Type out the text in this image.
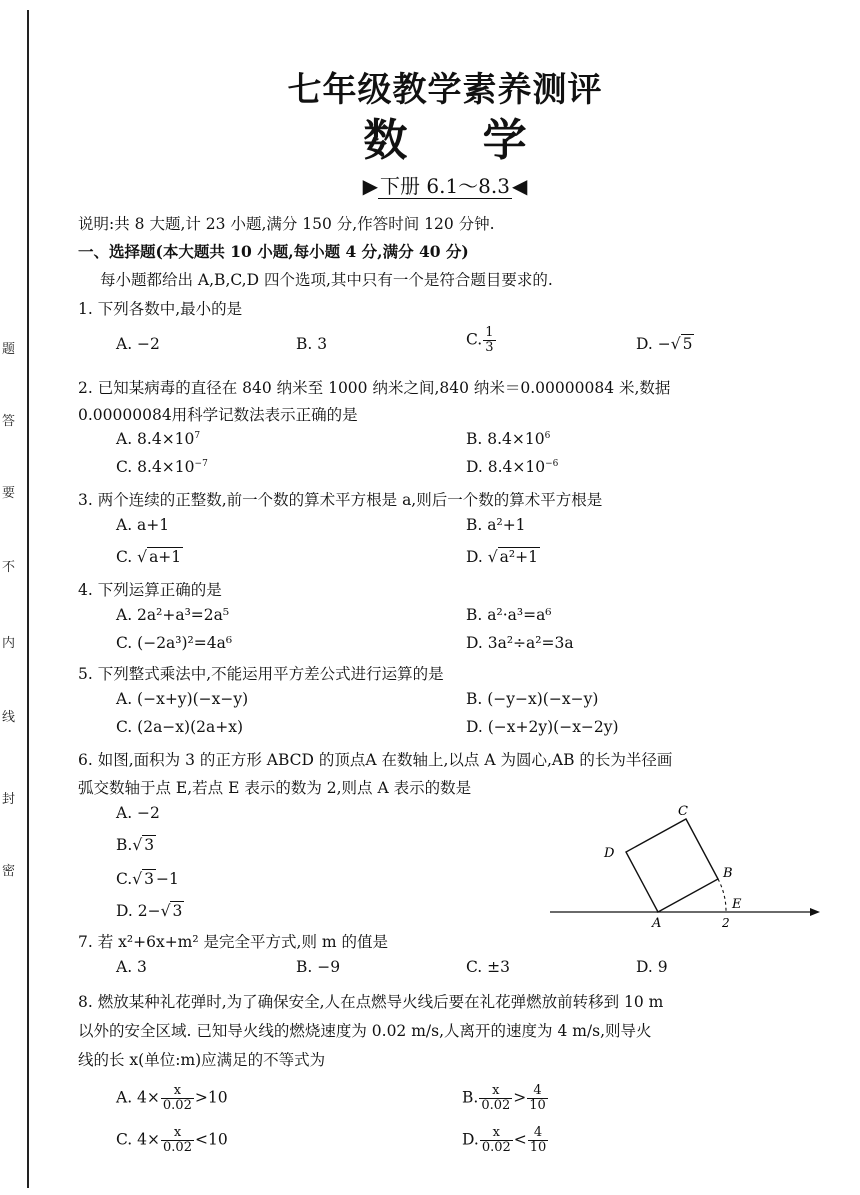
题
答
要
不
内
线
封
密
七年级教学素养测评
数 学
▶ 下册 6.1～8.3 ◀
说明:共 8 大题,计 23 小题,满分 150 分,作答时间 120 分钟.
一、选择题(本大题共 10 小题,每小题 4 分,满分 40 分)
每小题都给出 A,B,C,D 四个选项,其中只有一个是符合题目要求的.
1. 下列各数中,最小的是
A. −2	B. 3	C. $\frac{1}{3}$	D. −√ 5
2. 已知某病毒的直径在 840 纳米至 1000 纳米之间,840 纳米＝0.00000084 米,数据
0.00000084用科学记数法表示正确的是
A. $8.4\times 10^7$	B. $8.4\times 10^6$
C. $8.4\times 10^{-7}$	D. $8.4\times 10^{-6}$
3. 两个连续的正整数,前一个数的算术平方根是 a,则后一个数的算术平方根是
A. a+1	B. a²+1
C. √ a+1	D. √ a²+1
4. 下列运算正确的是
A. 2a²+a³=2a⁵	B. a²·a³=a⁶
C. (−2a³)²=4a⁶	D. 3a²÷a²=3a
5. 下列整式乘法中,不能运用平方差公式进行运算的是
A. (−x+y)(−x−y)	B. (−y−x)(−x−y)
C. (2a−x)(2a+x)	D. (−x+2y)(−x−2y)
6. 如图,面积为 3 的正方形 ABCD 的顶点A 在数轴上,以点 A 为圆心,AB 的长为半径画
弧交数轴于点 E,若点 E 表示的数为 2,则点 A 表示的数是
A. −2
B.√ 3
C.√ 3 −1
D. 2−√ 3
C
D
B
A
E
2
7. 若 x²+6x+m² 是完全平方式,则 m 的值是
A. 3	B. −9	C. ±3	D. 9
8. 燃放某种礼花弹时,为了确保安全,人在点燃导火线后要在礼花弹燃放前转移到 10 m
以外的安全区域. 已知导火线的燃烧速度为 0.02 m/s,人离开的速度为 4 m/s,则导火
线的长 x(单位:m)应满足的不等式为
A. $4\times \frac{x}{0.02} >10$	B. $\frac{x}{0.02} > \frac{4}{10}$
C. $4\times \frac{x}{0.02} <10$	D. $\frac{x}{0.02} < \frac{4}{10}$
